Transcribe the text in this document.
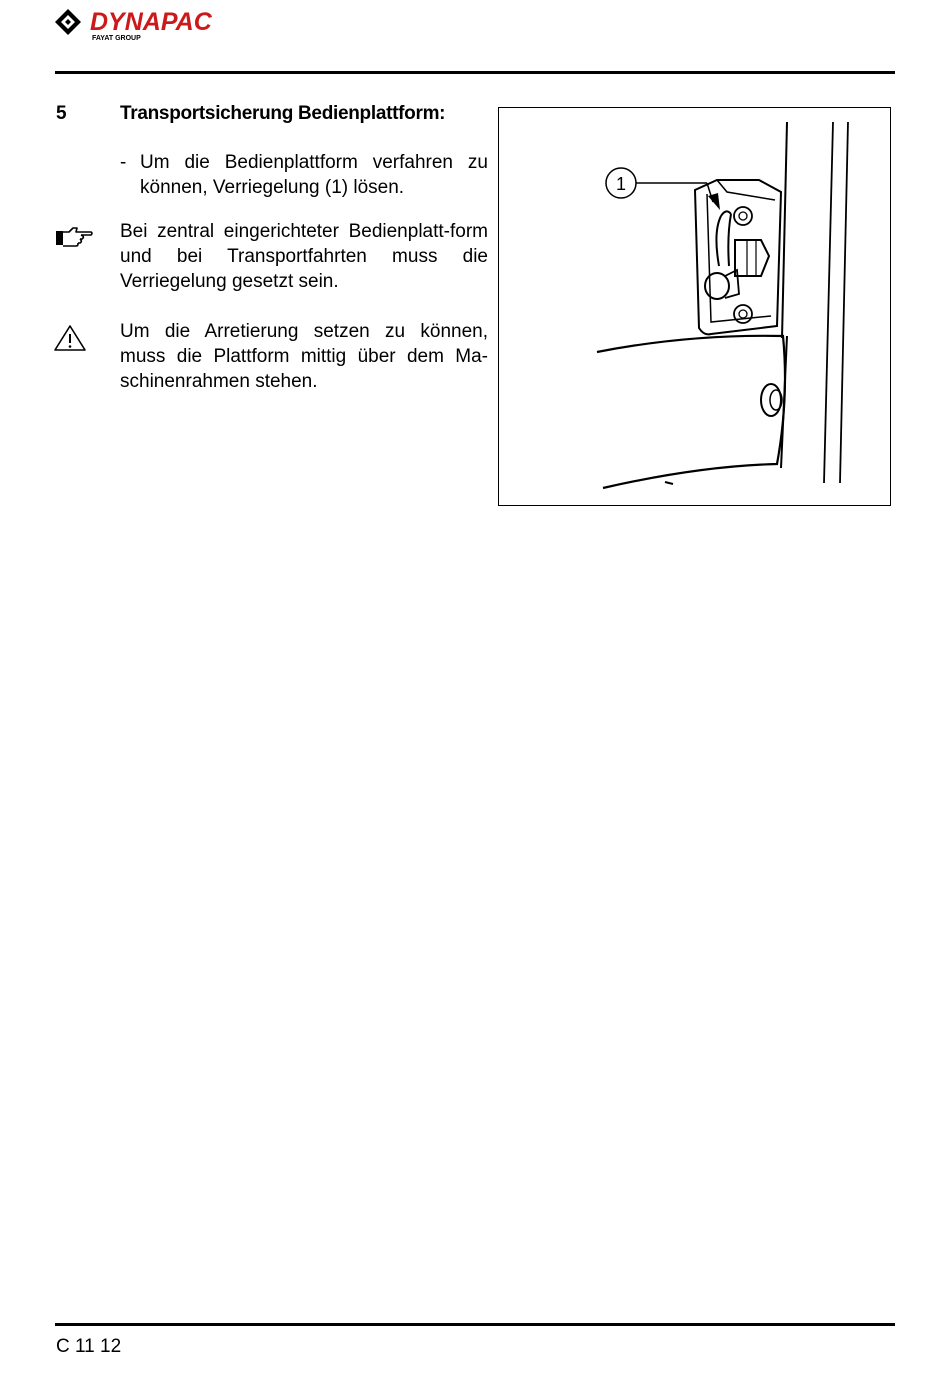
DYNAPAC
FAYAT GROUP
5	Transportsicherung Bedienplattform:
- Um die Bedienplattform verfahren zu können, Verriegelung (1) lösen.
Bei zentral eingerichteter Bedienplatt-form und bei Transportfahrten muss die Verriegelung gesetzt sein.
Um die Arretierung setzen zu können, muss die Plattform mittig über dem Ma-schinenrahmen stehen.
1
C 11 12
